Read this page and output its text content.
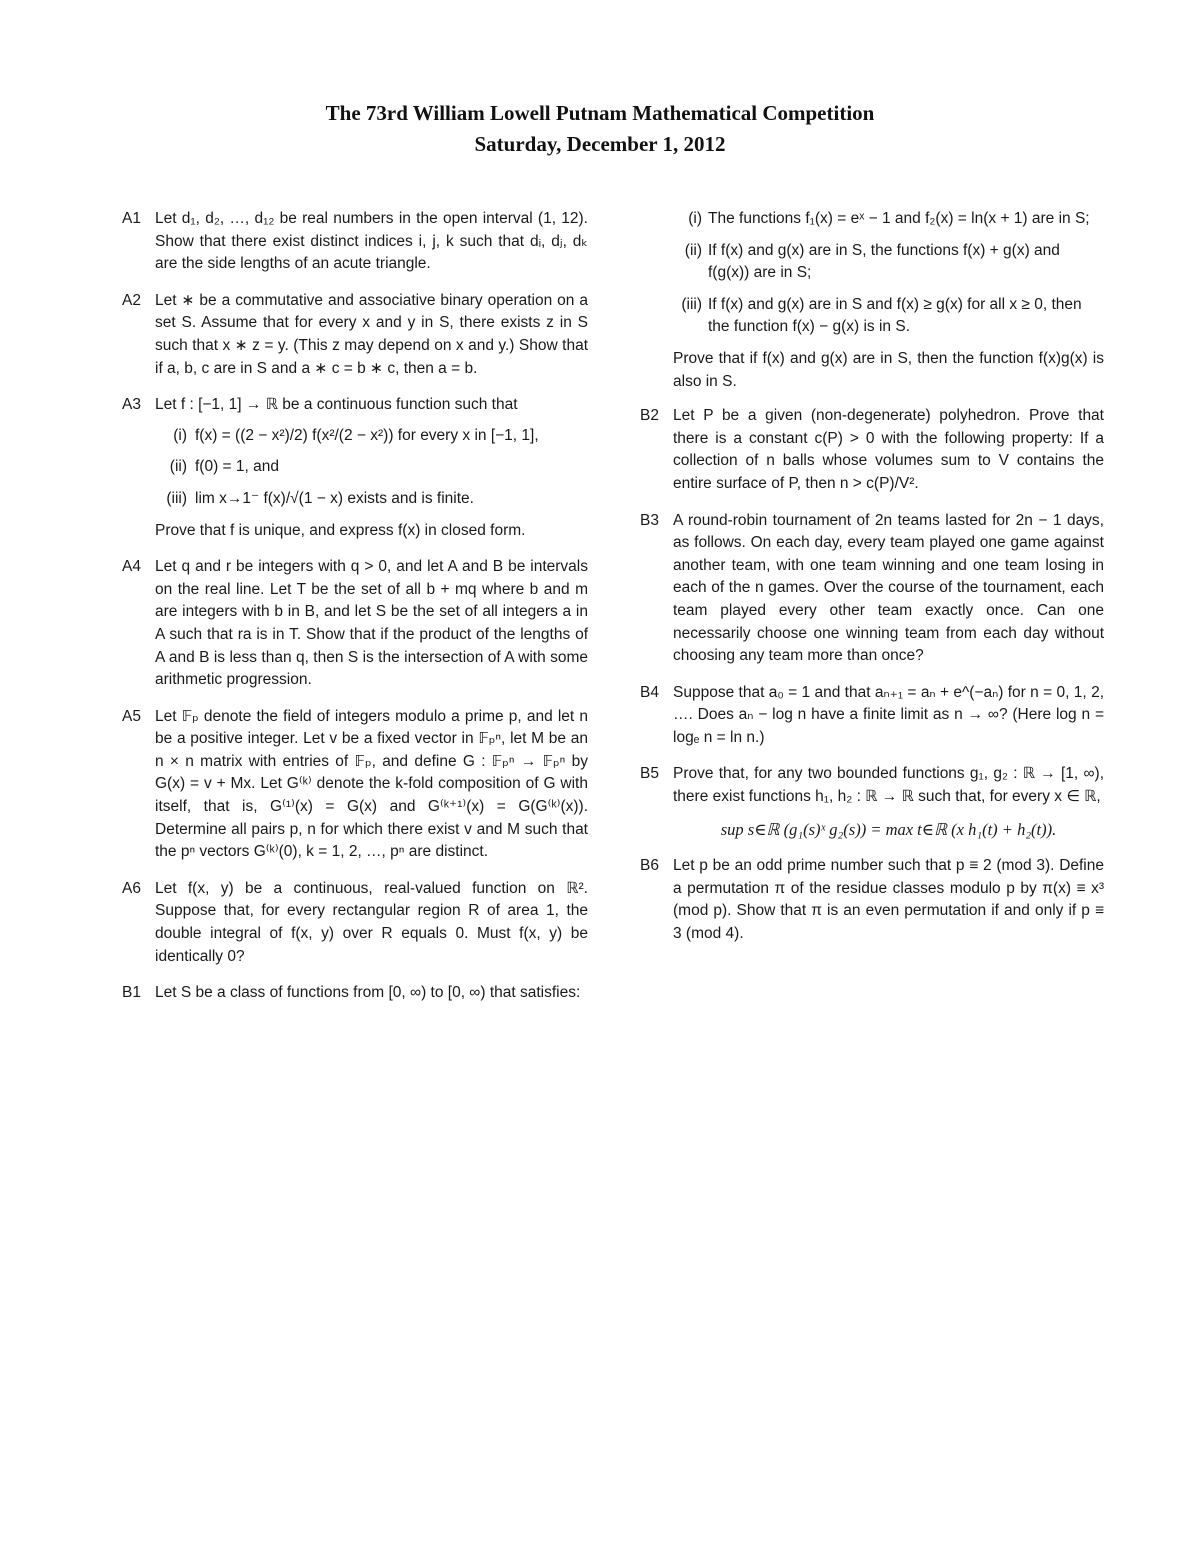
The 73rd William Lowell Putnam Mathematical Competition
Saturday, December 1, 2012
A1 Let d₁, d₂, …, d₁₂ be real numbers in the open interval (1, 12). Show that there exist distinct indices i, j, k such that dᵢ, dⱼ, dₖ are the side lengths of an acute triangle.
A2 Let ∗ be a commutative and associative binary operation on a set S. Assume that for every x and y in S, there exists z in S such that x ∗ z = y. (This z may depend on x and y.) Show that if a, b, c are in S and a ∗ c = b ∗ c, then a = b.
A3 Let f : [−1, 1] → ℝ be a continuous function such that
(i) f(x) = ((2 − x²)/2) f(x²/(2 − x²)) for every x in [−1, 1],
(ii) f(0) = 1, and
(iii) lim x→1⁻ f(x)/√(1 − x) exists and is finite.
Prove that f is unique, and express f(x) in closed form.
A4 Let q and r be integers with q > 0, and let A and B be intervals on the real line. Let T be the set of all b + mq where b and m are integers with b in B, and let S be the set of all integers a in A such that ra is in T. Show that if the product of the lengths of A and B is less than q, then S is the intersection of A with some arithmetic progression.
A5 Let 𝔽ₚ denote the field of integers modulo a prime p, and let n be a positive integer. Let v be a fixed vector in 𝔽ₚⁿ, let M be an n × n matrix with entries of 𝔽ₚ, and define G : 𝔽ₚⁿ → 𝔽ₚⁿ by G(x) = v + Mx. Let G⁽ᵏ⁾ denote the k-fold composition of G with itself, that is, G⁽¹⁾(x) = G(x) and G⁽ᵏ⁺¹⁾(x) = G(G⁽ᵏ⁾(x)). Determine all pairs p, n for which there exist v and M such that the pⁿ vectors G⁽ᵏ⁾(0), k = 1, 2, …, pⁿ are distinct.
A6 Let f(x, y) be a continuous, real-valued function on ℝ². Suppose that, for every rectangular region R of area 1, the double integral of f(x, y) over R equals 0. Must f(x, y) be identically 0?
B1 Let S be a class of functions from [0, ∞) to [0, ∞) that satisfies:
(i) The functions f₁(x) = eˣ − 1 and f₂(x) = ln(x + 1) are in S;
(ii) If f(x) and g(x) are in S, the functions f(x) + g(x) and f(g(x)) are in S;
(iii) If f(x) and g(x) are in S and f(x) ≥ g(x) for all x ≥ 0, then the function f(x) − g(x) is in S.
Prove that if f(x) and g(x) are in S, then the function f(x)g(x) is also in S.
B2 Let P be a given (non-degenerate) polyhedron. Prove that there is a constant c(P) > 0 with the following property: If a collection of n balls whose volumes sum to V contains the entire surface of P, then n > c(P)/V².
B3 A round-robin tournament of 2n teams lasted for 2n − 1 days, as follows. On each day, every team played one game against another team, with one team winning and one team losing in each of the n games. Over the course of the tournament, each team played every other team exactly once. Can one necessarily choose one winning team from each day without choosing any team more than once?
B4 Suppose that a₀ = 1 and that aₙ₊₁ = aₙ + e^(−aₙ) for n = 0, 1, 2, …. Does aₙ − log n have a finite limit as n → ∞? (Here log n = logₑ n = ln n.)
B5 Prove that, for any two bounded functions g₁, g₂ : ℝ → [1, ∞), there exist functions h₁, h₂ : ℝ → ℝ such that, for every x ∈ ℝ,
sup s∈ℝ (g₁(s)ˣ g₂(s)) = max t∈ℝ (x h₁(t) + h₂(t)).
B6 Let p be an odd prime number such that p ≡ 2 (mod 3). Define a permutation π of the residue classes modulo p by π(x) ≡ x³ (mod p). Show that π is an even permutation if and only if p ≡ 3 (mod 4).
